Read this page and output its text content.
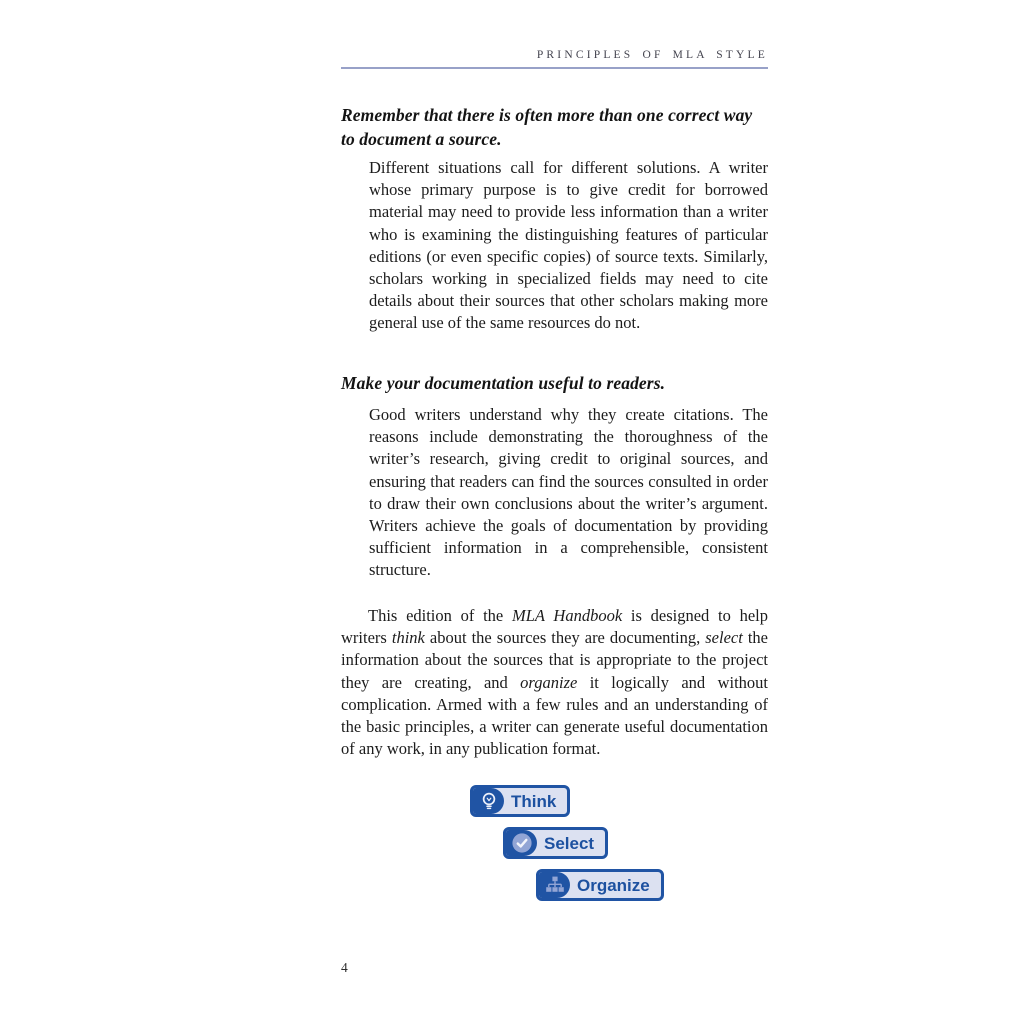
PRINCIPLES OF MLA STYLE
Remember that there is often more than one correct way to document a source.

Different situations call for different solutions. A writer whose primary purpose is to give credit for borrowed material may need to provide less information than a writer who is examining the distinguishing features of particular editions (or even specific copies) of source texts. Similarly, scholars working in specialized fields may need to cite details about their sources that other scholars making more general use of the same resources do not.

Make your documentation useful to readers.

Good writers understand why they create citations. The reasons include demonstrating the thoroughness of the writer’s research, giving credit to original sources, and ensuring that readers can find the sources consulted in order to draw their own conclusions about the writer’s argument. Writers achieve the goals of documentation by providing sufficient information in a comprehensible, consistent structure.

This edition of the MLA Handbook is designed to help writers think about the sources they are documenting, select the information about the sources that is appropriate to the project they are creating, and organize it logically and without complication. Armed with a few rules and an understanding of the basic principles, a writer can generate useful documentation of any work, in any publication format.

Think
Select
Organize
4
